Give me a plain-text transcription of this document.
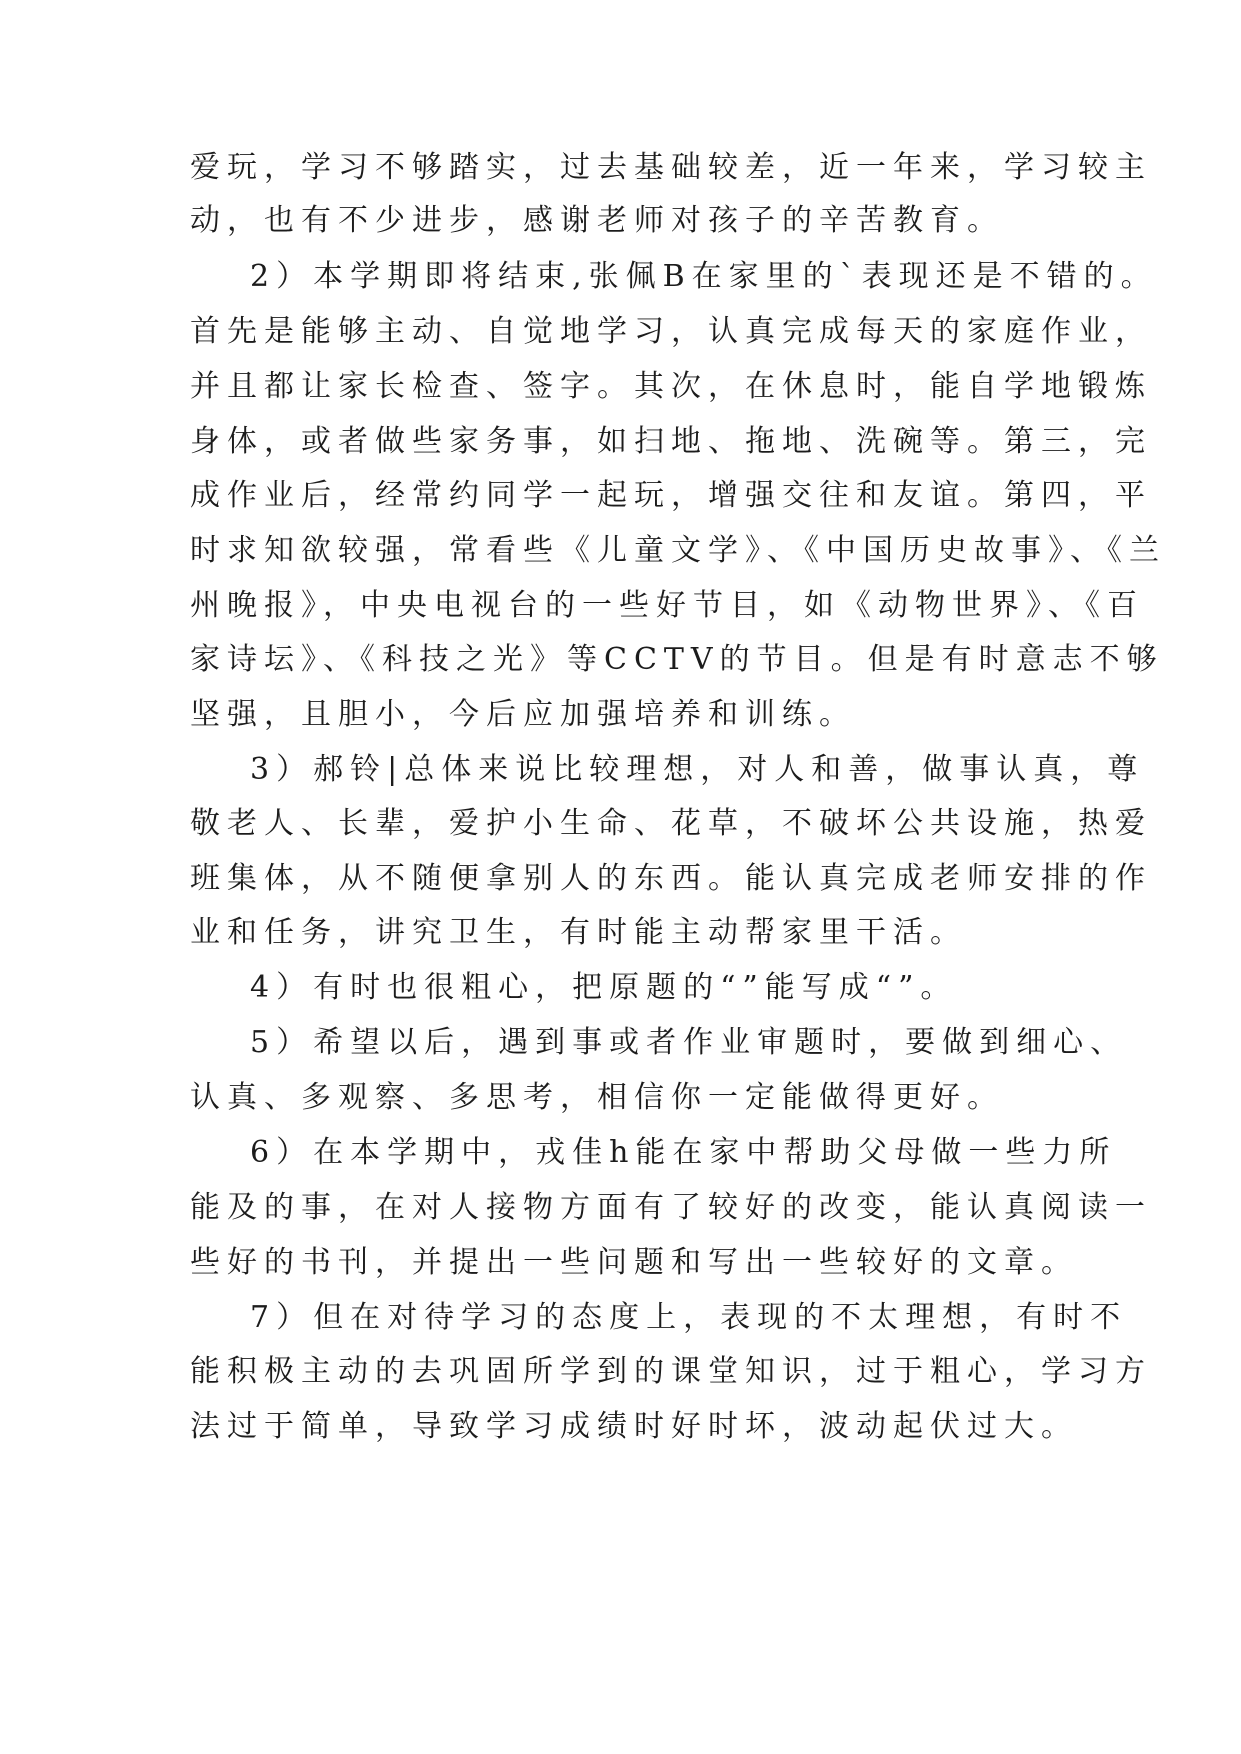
爱玩，学习不够踏实，过去基础较差，近一年来，学习较主

动，也有不少进步，感谢老师对孩子的辛苦教育。

2）本学期即将结束,张佩B在家里的`表现还是不错的。

首先是能够主动、自觉地学习，认真完成每天的家庭作业，

并且都让家长检查、签字。其次，在休息时，能自学地锻炼

身体，或者做些家务事，如扫地、拖地、洗碗等。第三，完

成作业后，经常约同学一起玩，增强交往和友谊。第四，平

时求知欲较强，常看些《儿童文学》、《中国历史故事》、《兰

州晚报》，中央电视台的一些好节目，如《动物世界》、《百

家诗坛》、《科技之光》等CCTV的节目。但是有时意志不够

坚强，且胆小，今后应加强培养和训练。

3）郝铃|总体来说比较理想，对人和善，做事认真，尊

敬老人、长辈，爱护小生命、花草，不破坏公共设施，热爱

班集体，从不随便拿别人的东西。能认真完成老师安排的作

业和任务，讲究卫生，有时能主动帮家里干活。

4）有时也很粗心，把原题的“”能写成“”。

5）希望以后，遇到事或者作业审题时，要做到细心、

认真、多观察、多思考，相信你一定能做得更好。

6）在本学期中，戎佳h能在家中帮助父母做一些力所

能及的事，在对人接物方面有了较好的改变，能认真阅读一

些好的书刊，并提出一些问题和写出一些较好的文章。

7）但在对待学习的态度上，表现的不太理想，有时不

能积极主动的去巩固所学到的课堂知识，过于粗心，学习方

法过于简单，导致学习成绩时好时坏，波动起伏过大。
